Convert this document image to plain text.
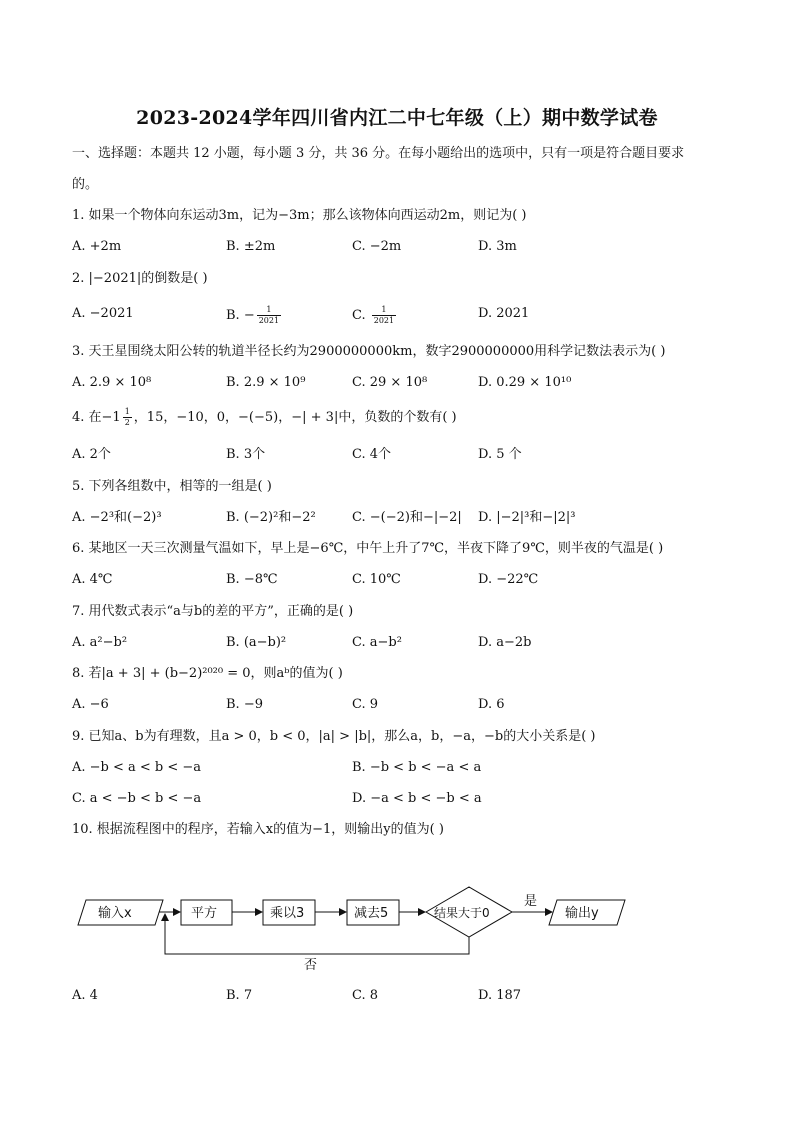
2023-2024学年四川省内江二中七年级（上）期中数学试卷
一、选择题：本题共 12 小题，每小题 3 分，共 36 分。在每小题给出的选项中，只有一项是符合题目要求
的。
1. 如果一个物体向东运动3m，记为−3m；那么该物体向西运动2m，则记为( )
A. +2m	B. ±2m	C. −2m	D. 3m
2. |−2021|的倒数是( )
A. −2021	B. − $\frac{1}{2021}$	C. $\frac{1}{2021}$	D. 2021
3. 天王星围绕太阳公转的轨道半径长约为2900000000km，数字2900000000用科学记数法表示为( )
A. 2.9 × 10⁸	B. 2.9 × 10⁹	C. 29 × 10⁸	D. 0.29 × 10¹⁰
4. 在$-1 \frac{1}{2}$ ，15，−10，0，−(−5)，−| + 3|中，负数的个数有( )
A. 2个	B. 3个	C. 4个	D. 5 个
5. 下列各组数中，相等的一组是( )
A. −2³和(−2)³	B. (−2)²和−2²	C. −(−2)和−|−2| D. |−2|³和−|2|³
6. 某地区一天三次测量气温如下，早上是−6℃，中午上升了7℃，半夜下降了9℃，则半夜的气温是( )
A. 4℃	B. −8℃	C. 10℃	D. −22℃
7. 用代数式表示“a与b的差的平方”，正确的是( )
A. a²−b²	B. (a−b)²	C. a−b²	D. a−2b
8. 若|a + 3| + (b−2)²⁰²⁰ = 0，则aᵇ的值为( )
A. −6	B. −9	C. 9	D. 6
9. 已知a、b为有理数，且a > 0，b < 0，|a| > |b|，那么a，b，−a，−b的大小关系是( )
A. −b < a < b < −a	B. −b < b < −a < a
C. a < −b < b < −a	D. −a < b < −b < a
10. 根据流程图中的程序，若输入x的值为−1，则输出y的值为( )
输入x	平方	乘以3	减去5	结果大于0
是
输出y
否
A. 4	B. 7	C. 8	D. 187
